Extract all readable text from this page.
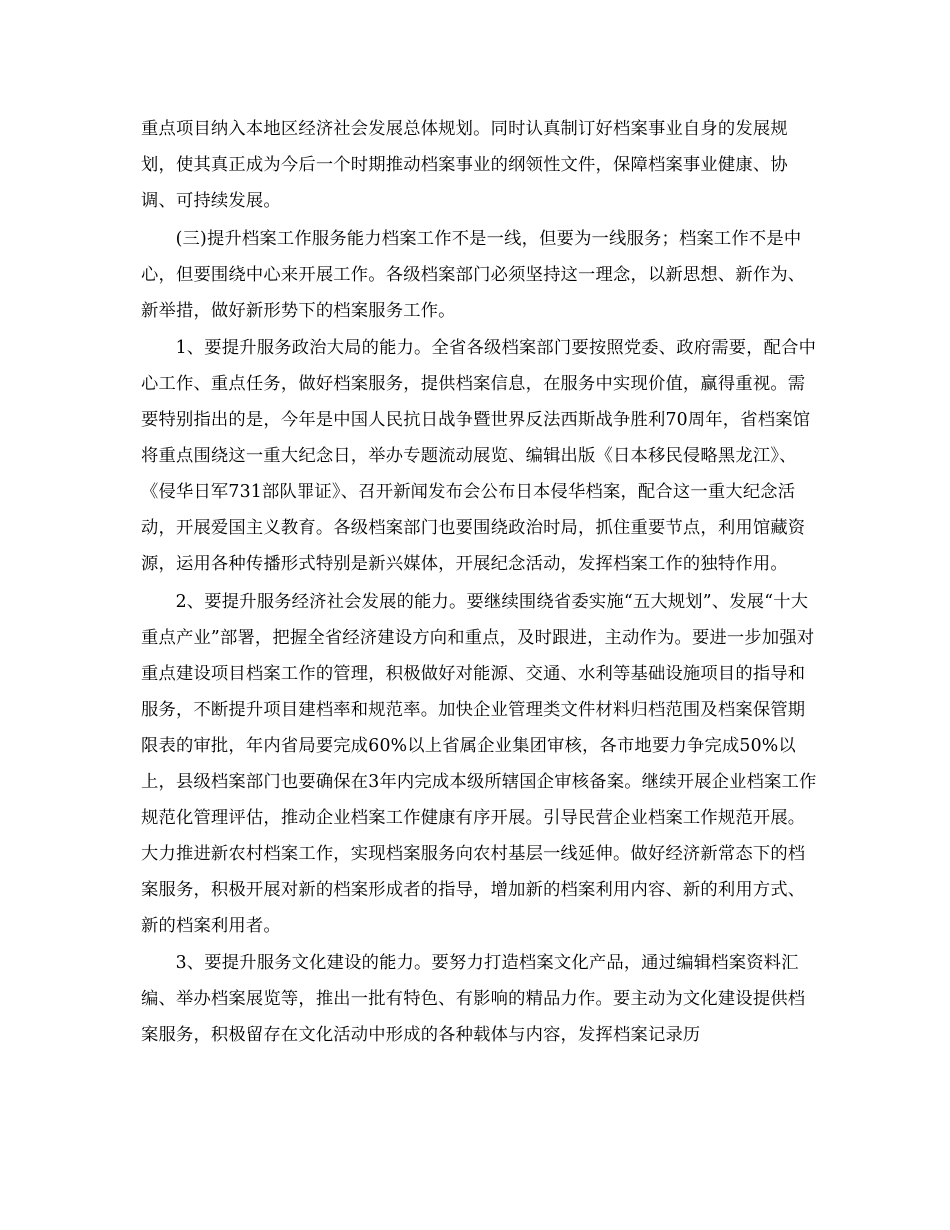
重点项目纳入本地区经济社会发展总体规划。同时认真制订好档案事业自身的发展规划，使其真正成为今后一个时期推动档案事业的纲领性文件，保障档案事业健康、协调、可持续发展。

(三)提升档案工作服务能力档案工作不是一线，但要为一线服务；档案工作不是中心，但要围绕中心来开展工作。各级档案部门必须坚持这一理念，以新思想、新作为、新举措，做好新形势下的档案服务工作。

1、要提升服务政治大局的能力。全省各级档案部门要按照党委、政府需要，配合中心工作、重点任务，做好档案服务，提供档案信息，在服务中实现价值，赢得重视。需要特别指出的是，今年是中国人民抗日战争暨世界反法西斯战争胜利70周年，省档案馆将重点围绕这一重大纪念日，举办专题流动展览、编辑出版《日本移民侵略黑龙江》、《侵华日军731部队罪证》、召开新闻发布会公布日本侵华档案，配合这一重大纪念活动，开展爱国主义教育。各级档案部门也要围绕政治时局，抓住重要节点，利用馆藏资源，运用各种传播形式特别是新兴媒体，开展纪念活动，发挥档案工作的独特作用。

2、要提升服务经济社会发展的能力。要继续围绕省委实施“五大规划”、发展“十大重点产业”部署，把握全省经济建设方向和重点，及时跟进，主动作为。要进一步加强对重点建设项目档案工作的管理，积极做好对能源、交通、水利等基础设施项目的指导和服务，不断提升项目建档率和规范率。加快企业管理类文件材料归档范围及档案保管期限表的审批，年内省局要完成60%以上省属企业集团审核，各市地要力争完成50%以上，县级档案部门也要确保在3年内完成本级所辖国企审核备案。继续开展企业档案工作规范化管理评估，推动企业档案工作健康有序开展。引导民营企业档案工作规范开展。大力推进新农村档案工作，实现档案服务向农村基层一线延伸。做好经济新常态下的档案服务，积极开展对新的档案形成者的指导，增加新的档案利用内容、新的利用方式、新的档案利用者。

3、要提升服务文化建设的能力。要努力打造档案文化产品，通过编辑档案资料汇编、举办档案展览等，推出一批有特色、有影响的精品力作。要主动为文化建设提供档案服务，积极留存在文化活动中形成的各种载体与内容，发挥档案记录历
